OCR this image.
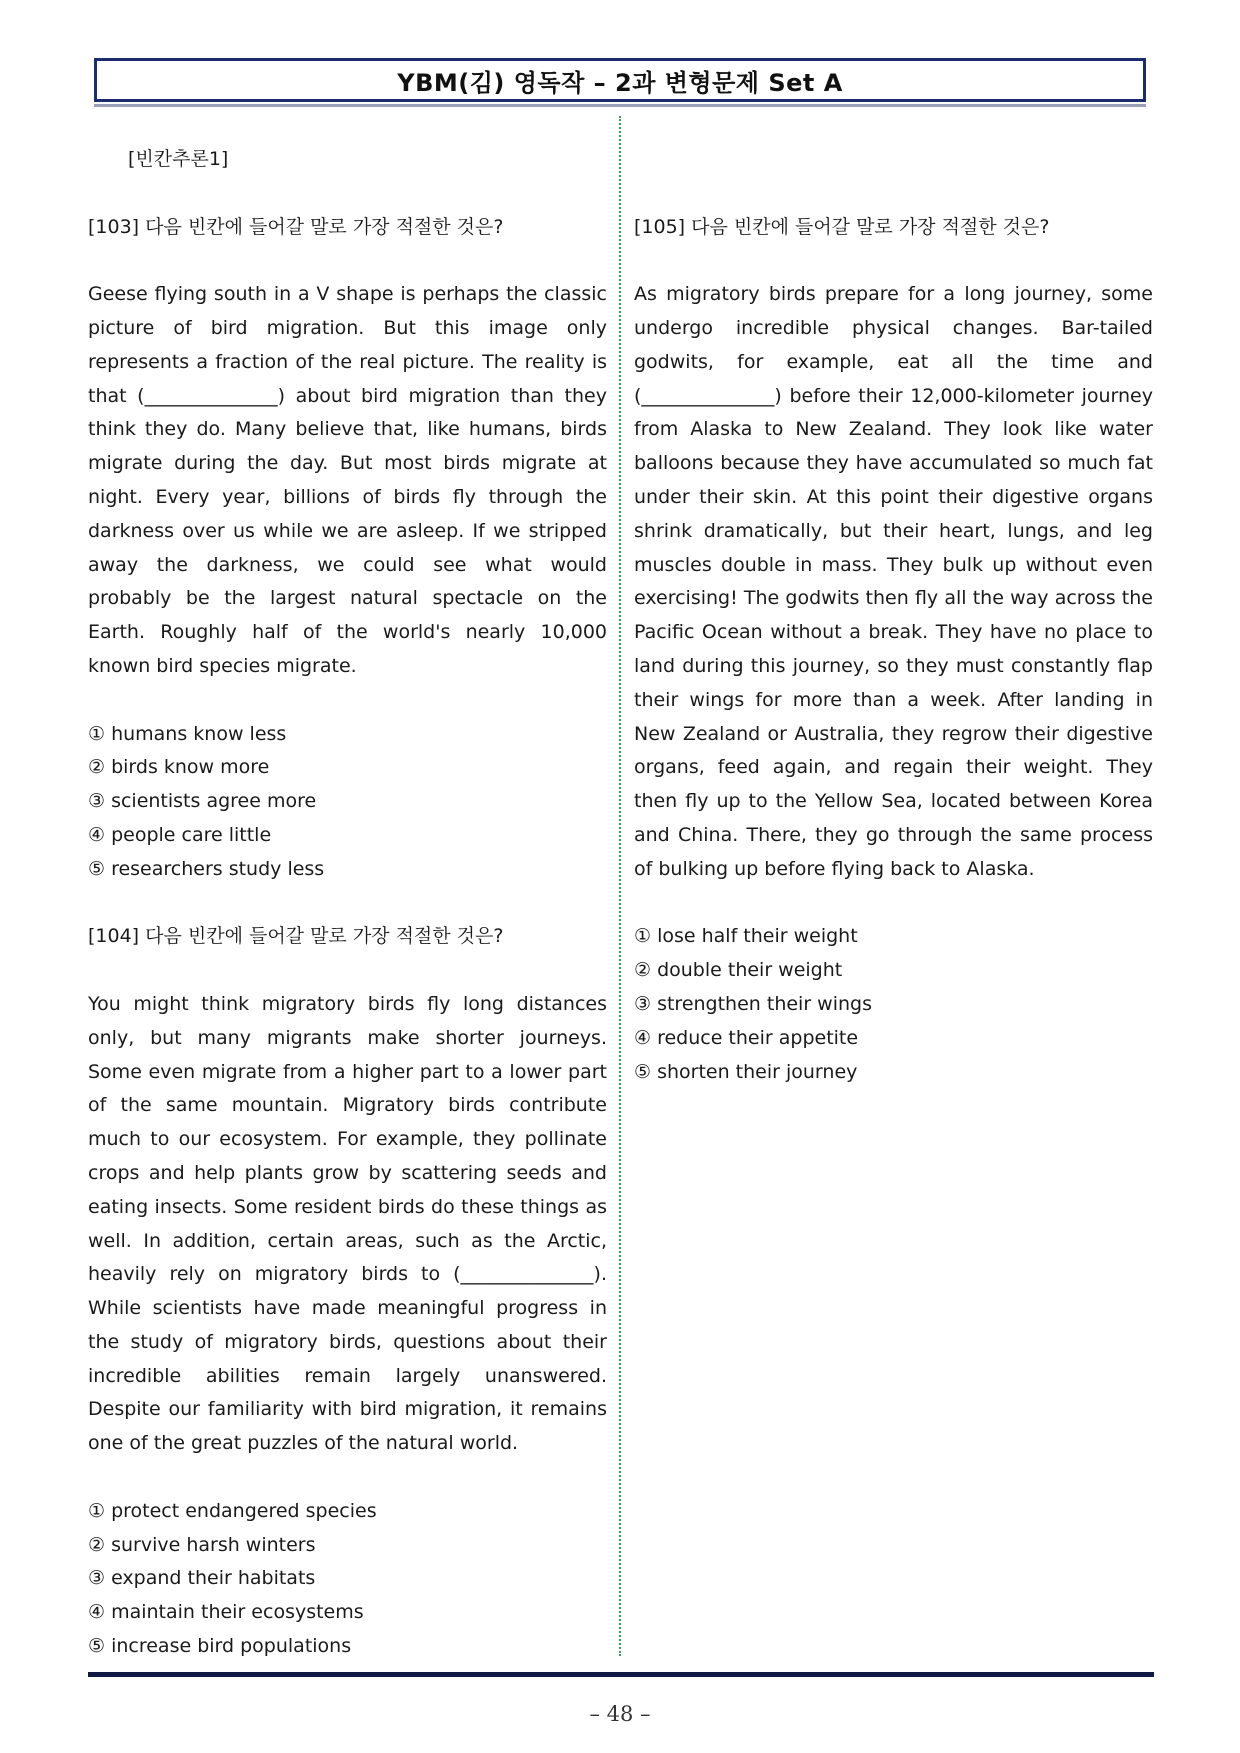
YBM(김) 영독작 – 2과 변형문제 Set A

[빈칸추론1]

[103] 다음 빈칸에 들어갈 말로 가장 적절한 것은?

Geese flying south in a V shape is perhaps the classic picture of bird migration. But this image only represents a fraction of the real picture. The reality is that (______________) about bird migration than they think they do. Many believe that, like humans, birds migrate during the day. But most birds migrate at night. Every year, billions of birds fly through the darkness over us while we are asleep. If we stripped away the darkness, we could see what would probably be the largest natural spectacle on the Earth. Roughly half of the world's nearly 10,000 known bird species migrate.

① humans know less
② birds know more
③ scientists agree more
④ people care little
⑤ researchers study less

[104] 다음 빈칸에 들어갈 말로 가장 적절한 것은?

You might think migratory birds fly long distances only, but many migrants make shorter journeys. Some even migrate from a higher part to a lower part of the same mountain. Migratory birds contribute much to our ecosystem. For example, they pollinate crops and help plants grow by scattering seeds and eating insects. Some resident birds do these things as well. In addition, certain areas, such as the Arctic, heavily rely on migratory birds to (______________). While scientists have made meaningful progress in the study of migratory birds, questions about their incredible abilities remain largely unanswered. Despite our familiarity with bird migration, it remains one of the great puzzles of the natural world.

① protect endangered species
② survive harsh winters
③ expand their habitats
④ maintain their ecosystems
⑤ increase bird populations

[105] 다음 빈칸에 들어갈 말로 가장 적절한 것은?

As migratory birds prepare for a long journey, some undergo incredible physical changes. Bar-tailed godwits, for example, eat all the time and (______________) before their 12,000-kilometer journey from Alaska to New Zealand. They look like water balloons because they have accumulated so much fat under their skin. At this point their digestive organs shrink dramatically, but their heart, lungs, and leg muscles double in mass. They bulk up without even exercising! The godwits then fly all the way across the Pacific Ocean without a break. They have no place to land during this journey, so they must constantly flap their wings for more than a week. After landing in New Zealand or Australia, they regrow their digestive organs, feed again, and regain their weight. They then fly up to the Yellow Sea, located between Korea and China. There, they go through the same process of bulking up before flying back to Alaska.

① lose half their weight
② double their weight
③ strengthen their wings
④ reduce their appetite
⑤ shorten their journey
– 48 –
